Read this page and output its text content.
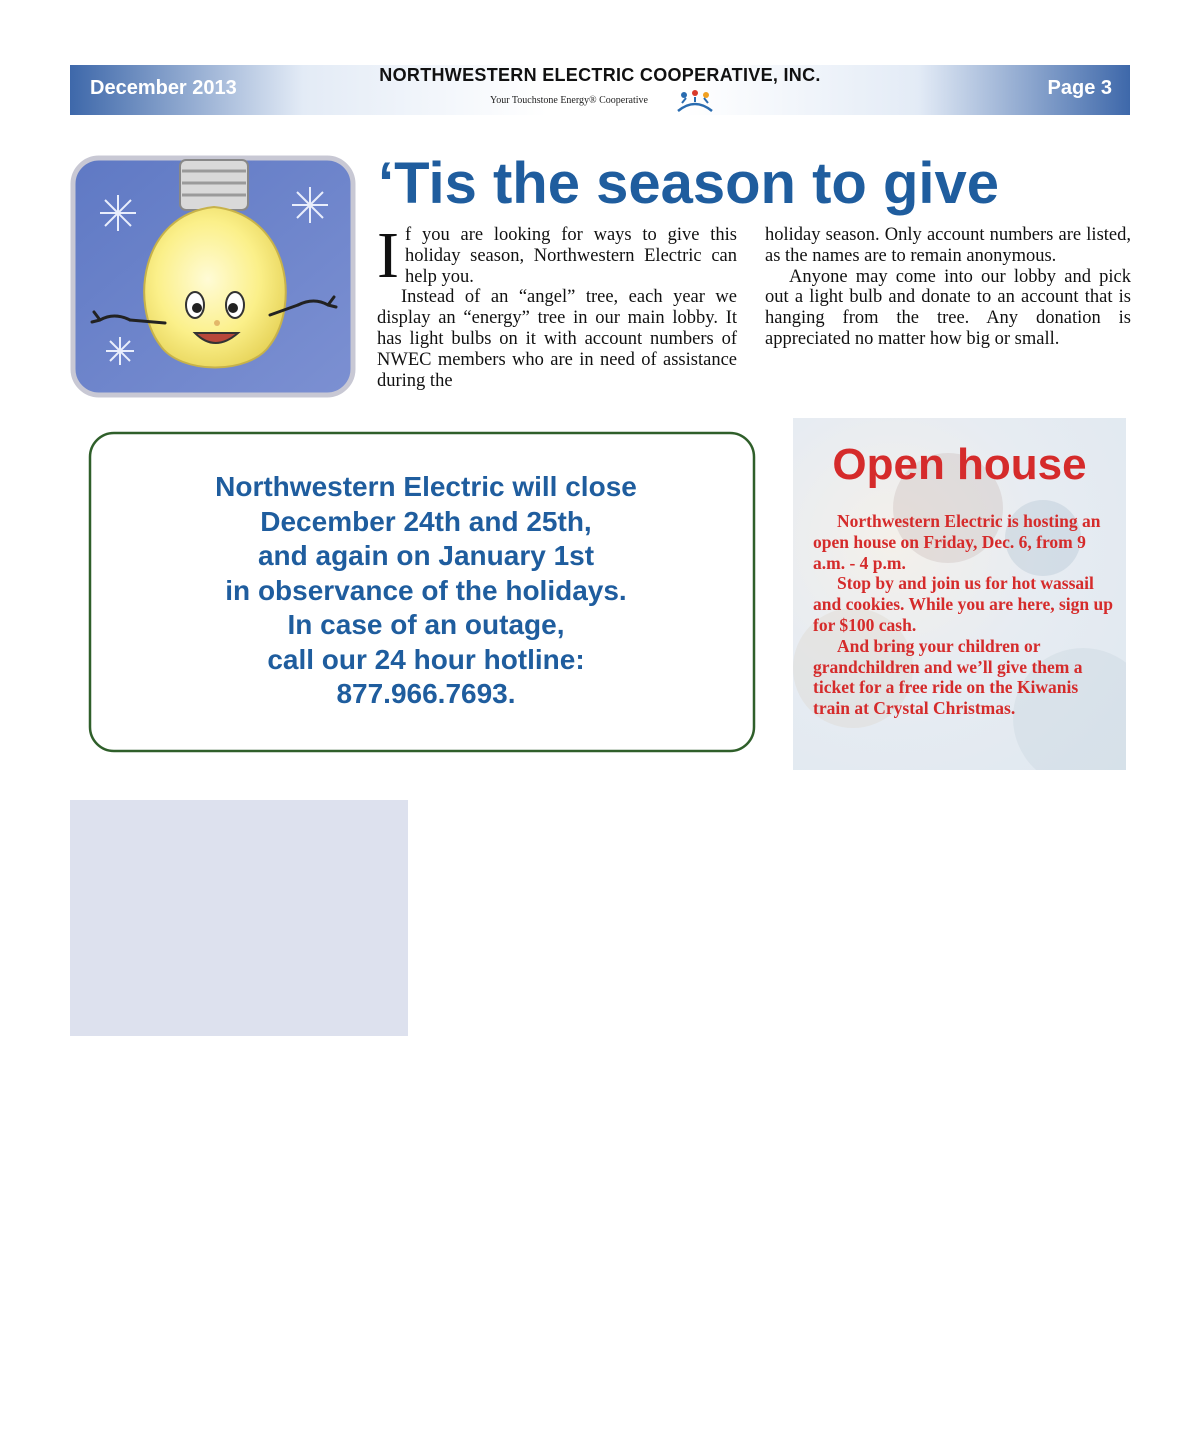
December 2013
NORTHWESTERN ELECTRIC COOPERATIVE, INC.
Your Touchstone Energy® Cooperative
Page 3
‘Tis the season to give

If you are looking for ways to give this holiday season, Northwestern Electric can help you.

Instead of an “angel” tree, each year we display an “energy” tree in our main lobby. It has light bulbs on it with account numbers of NWEC members who are in need of assistance during the

holiday season. Only account numbers are listed, as the names are to remain anonymous.

Anyone may come into our lobby and pick out a light bulb and donate to an account that is hanging from the tree. Any donation is appreciated no matter how big or small.

Northwestern Electric will close
December 24th and 25th,
and again on January 1st
in observance of the holidays.
In case of an outage,
call our 24 hour hotline:
877.966.7693.
Open house

Northwestern Electric is hosting an open house on Friday, Dec. 6, from 9 a.m. - 4 p.m.

Stop by and join us for hot wassail and cookies. While you are here, sign up for $100 cash.

And bring your children or grandchildren and we’ll give them a ticket for a free ride on the Kiwanis train at Crystal Christmas.
